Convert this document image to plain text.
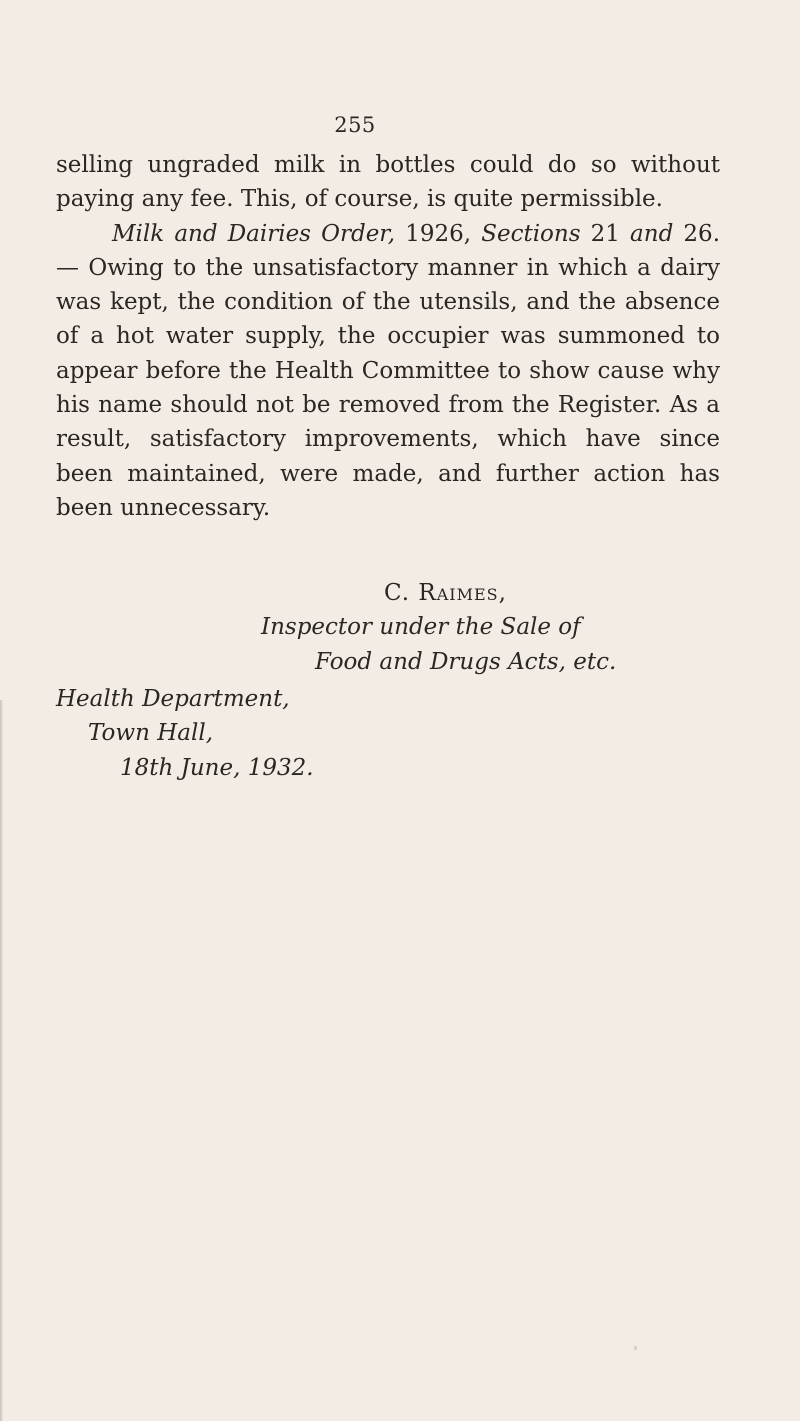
255

selling ungraded milk in bottles could do so without paying any fee. This, of course, is quite permissible.

Milk and Dairies Order, 1926, Sections 21 and 26.— Owing to the unsatisfactory manner in which a dairy was kept, the condition of the utensils, and the absence of a hot water supply, the occupier was summoned to appear before the Health Committee to show cause why his name should not be removed from the Register. As a result, satisfactory improvements, which have since been maintained, were made, and further action has been unnecessary.

C. Raimes,
Inspector under the Sale of
Food and Drugs Acts, etc.
Health Department,
Town Hall,
18th June, 1932.
